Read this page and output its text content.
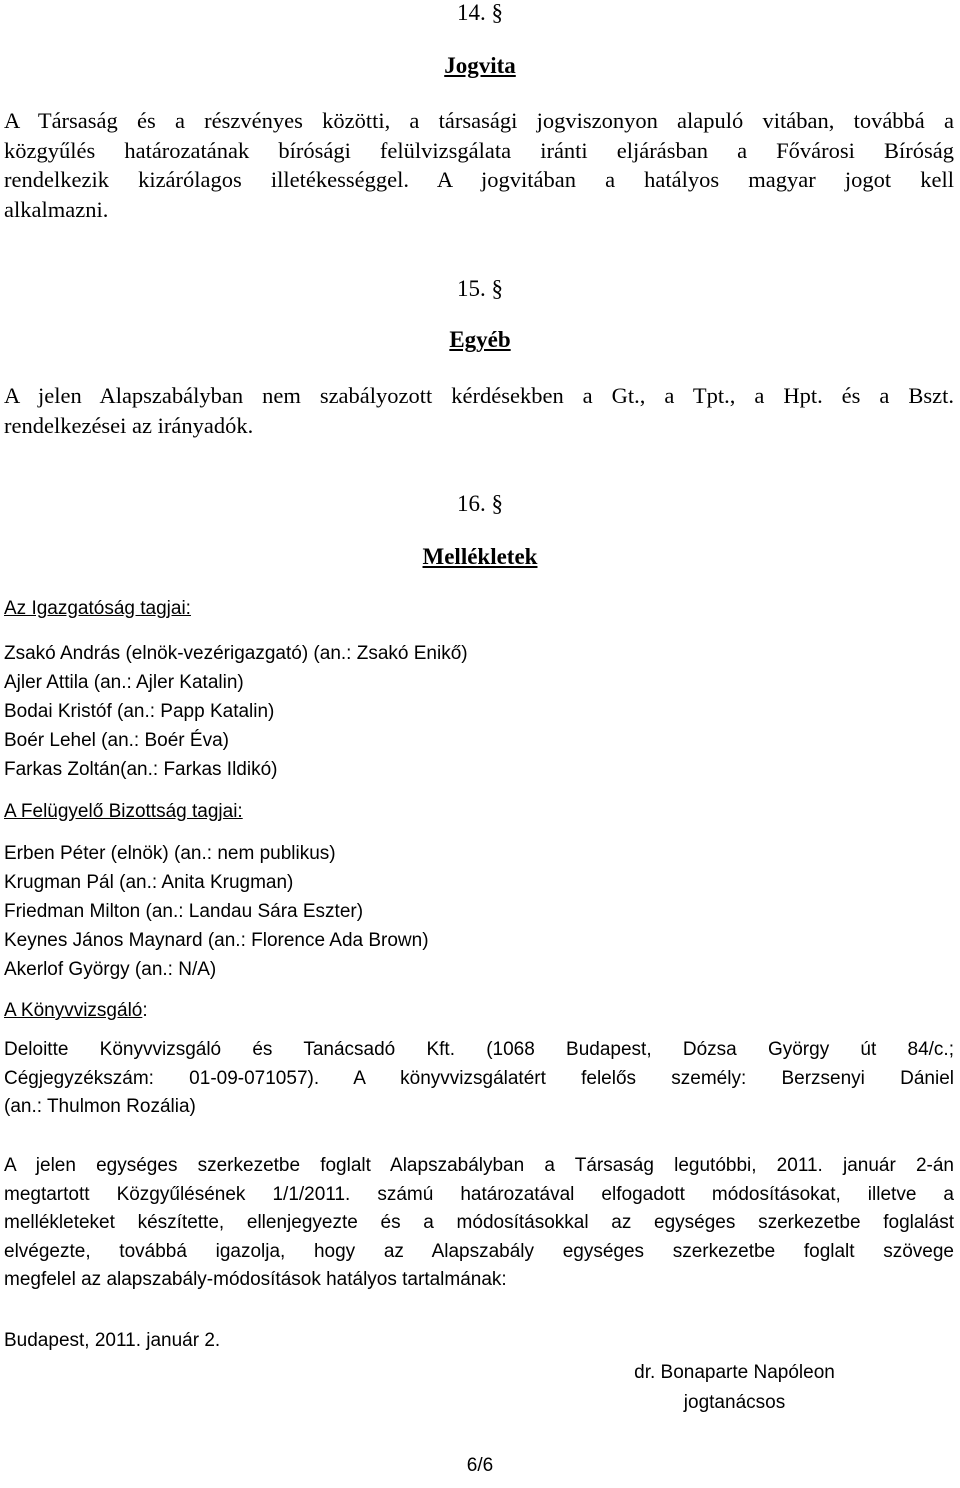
14. §
Jogvita
A Társaság és a részvényes közötti, a társasági jogviszonyon alapuló vitában, továbbá a
közgyűlés határozatának bírósági felülvizsgálata iránti eljárásban a Fővárosi Bíróság
rendelkezik kizárólagos illetékességgel. A jogvitában a hatályos magyar jogot kell
alkalmazni.
15. §
Egyéb
A jelen Alapszabályban nem szabályozott kérdésekben a Gt., a Tpt., a Hpt. és a Bszt.
rendelkezései az irányadók.
16. §
Mellékletek
Az Igazgatóság tagjai:
Zsakó András (elnök-vezérigazgató) (an.: Zsakó Enikő)
Ajler Attila (an.: Ajler Katalin)
Bodai Kristóf (an.: Papp Katalin)
Boér Lehel (an.: Boér Éva)
Farkas Zoltán(an.: Farkas Ildikó)
A Felügyelő Bizottság tagjai:
Erben Péter (elnök) (an.: nem publikus)
Krugman Pál (an.: Anita Krugman)
Friedman Milton (an.: Landau Sára Eszter)
Keynes János Maynard (an.: Florence Ada Brown)
Akerlof György (an.: N/A)
A Könyvvizsgáló:
Deloitte Könyvvizsgáló és Tanácsadó Kft. (1068 Budapest, Dózsa György út 84/c.;
Cégjegyzékszám: 01-09-071057). A könyvvizsgálatért felelős személy: Berzsenyi Dániel
(an.: Thulmon Rozália)
A jelen egységes szerkezetbe foglalt Alapszabályban a Társaság legutóbbi, 2011. január 2-án
megtartott Közgyűlésének 1/1/2011. számú határozatával elfogadott módosításokat, illetve a
mellékleteket készítette, ellenjegyezte és a módosításokkal az egységes szerkezetbe foglalást
elvégezte, továbbá igazolja, hogy az Alapszabály egységes szerkezetbe foglalt szövege
megfelel az alapszabály-módosítások hatályos tartalmának:
Budapest, 2011. január 2.
dr. Bonaparte Napóleon
jogtanácsos
6/6
